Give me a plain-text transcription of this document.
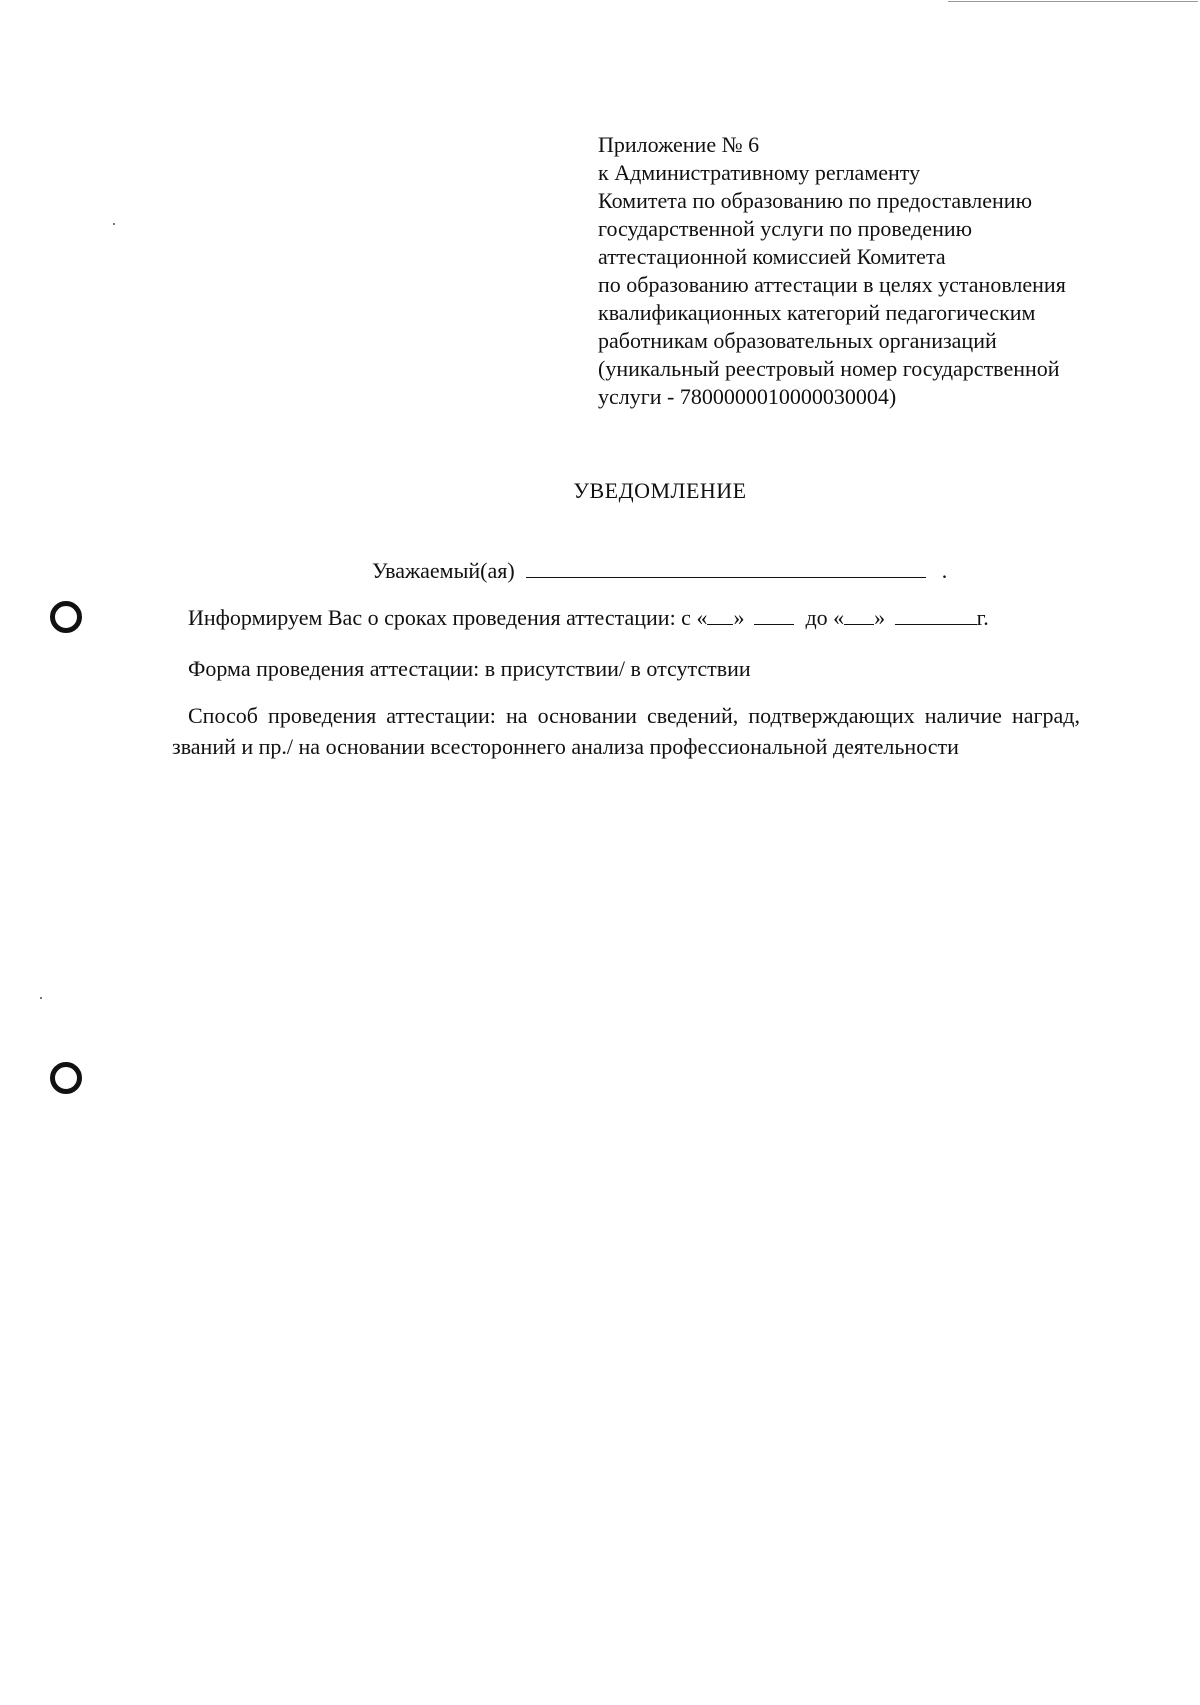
Приложение № 6
к Административному регламенту
Комитета по образованию по предоставлению
государственной услуги по проведению
аттестационной комиссией Комитета
по образованию аттестации в целях установления
квалификационных категорий педагогическим
работникам образовательных организаций
(уникальный реестровый номер государственной
услуги - 7800000010000030004)
УВЕДОМЛЕНИЕ
Уважаемый(ая)	.
Информируем Вас о сроках проведения аттестации: с « »	до « »	г.
Форма проведения аттестации: в присутствии/ в отсутствии
Способ проведения аттестации: на основании сведений, подтверждающих наличие наград, званий и пр./ на основании всестороннего анализа профессиональной деятельности
